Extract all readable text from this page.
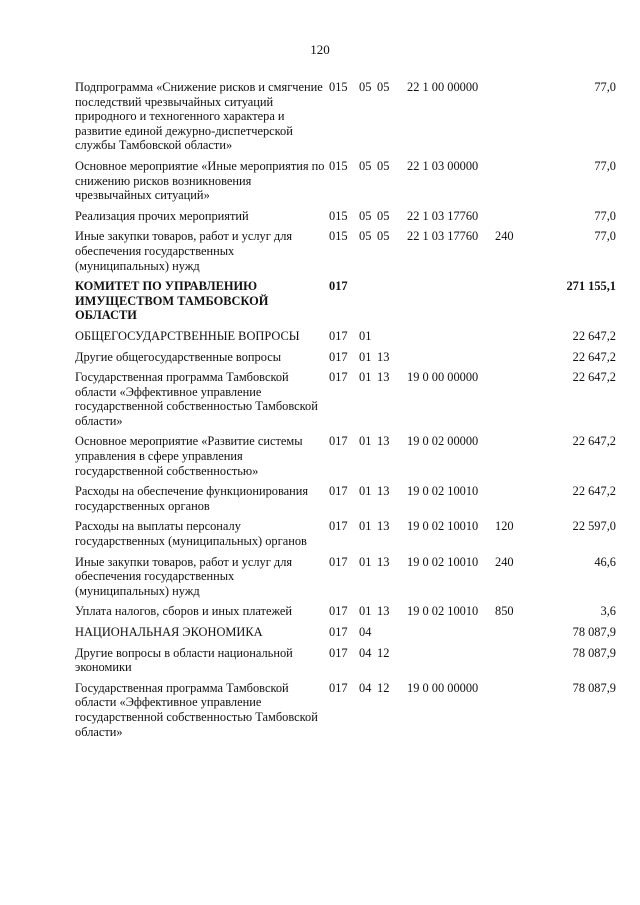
120
Подпрограмма «Снижение рисков и смягчение последствий чрезвычайных ситуаций природного и техногенного характера и развитие единой дежурно-диспетчерской службы Тамбовской области»	015	05	05	22 1 00 00000		77,0
Основное мероприятие «Иные мероприятия по снижению рисков возникновения чрезвычайных ситуаций»	015	05	05	22 1 03 00000		77,0
Реализация прочих мероприятий	015	05	05	22 1 03 17760		77,0
Иные закупки товаров, работ и услуг для обеспечения государственных (муниципальных) нужд	015	05	05	22 1 03 17760	240	77,0
КОМИТЕТ ПО УПРАВЛЕНИЮ ИМУЩЕСТВОМ ТАМБОВСКОЙ ОБЛАСТИ	017					271 155,1
ОБЩЕГОСУДАРСТВЕННЫЕ ВОПРОСЫ	017	01				22 647,2
Другие общегосударственные вопросы	017	01	13			22 647,2
Государственная программа Тамбовской области «Эффективное управление государственной собственностью Тамбовской области»	017	01	13	19 0 00 00000		22 647,2
Основное мероприятие «Развитие системы управления в сфере управления государственной собственностью»	017	01	13	19 0 02 00000		22 647,2
Расходы на обеспечение функционирования государственных органов	017	01	13	19 0 02 10010		22 647,2
Расходы на выплаты персоналу государственных (муниципальных) органов	017	01	13	19 0 02 10010	120	22 597,0
Иные закупки товаров, работ и услуг для обеспечения государственных (муниципальных) нужд	017	01	13	19 0 02 10010	240	46,6
Уплата налогов, сборов и иных платежей	017	01	13	19 0 02 10010	850	3,6
НАЦИОНАЛЬНАЯ ЭКОНОМИКА	017	04				78 087,9
Другие вопросы в области национальной экономики	017	04	12			78 087,9
Государственная программа Тамбовской области «Эффективное управление государственной собственностью Тамбовской области»	017	04	12	19 0 00 00000		78 087,9
